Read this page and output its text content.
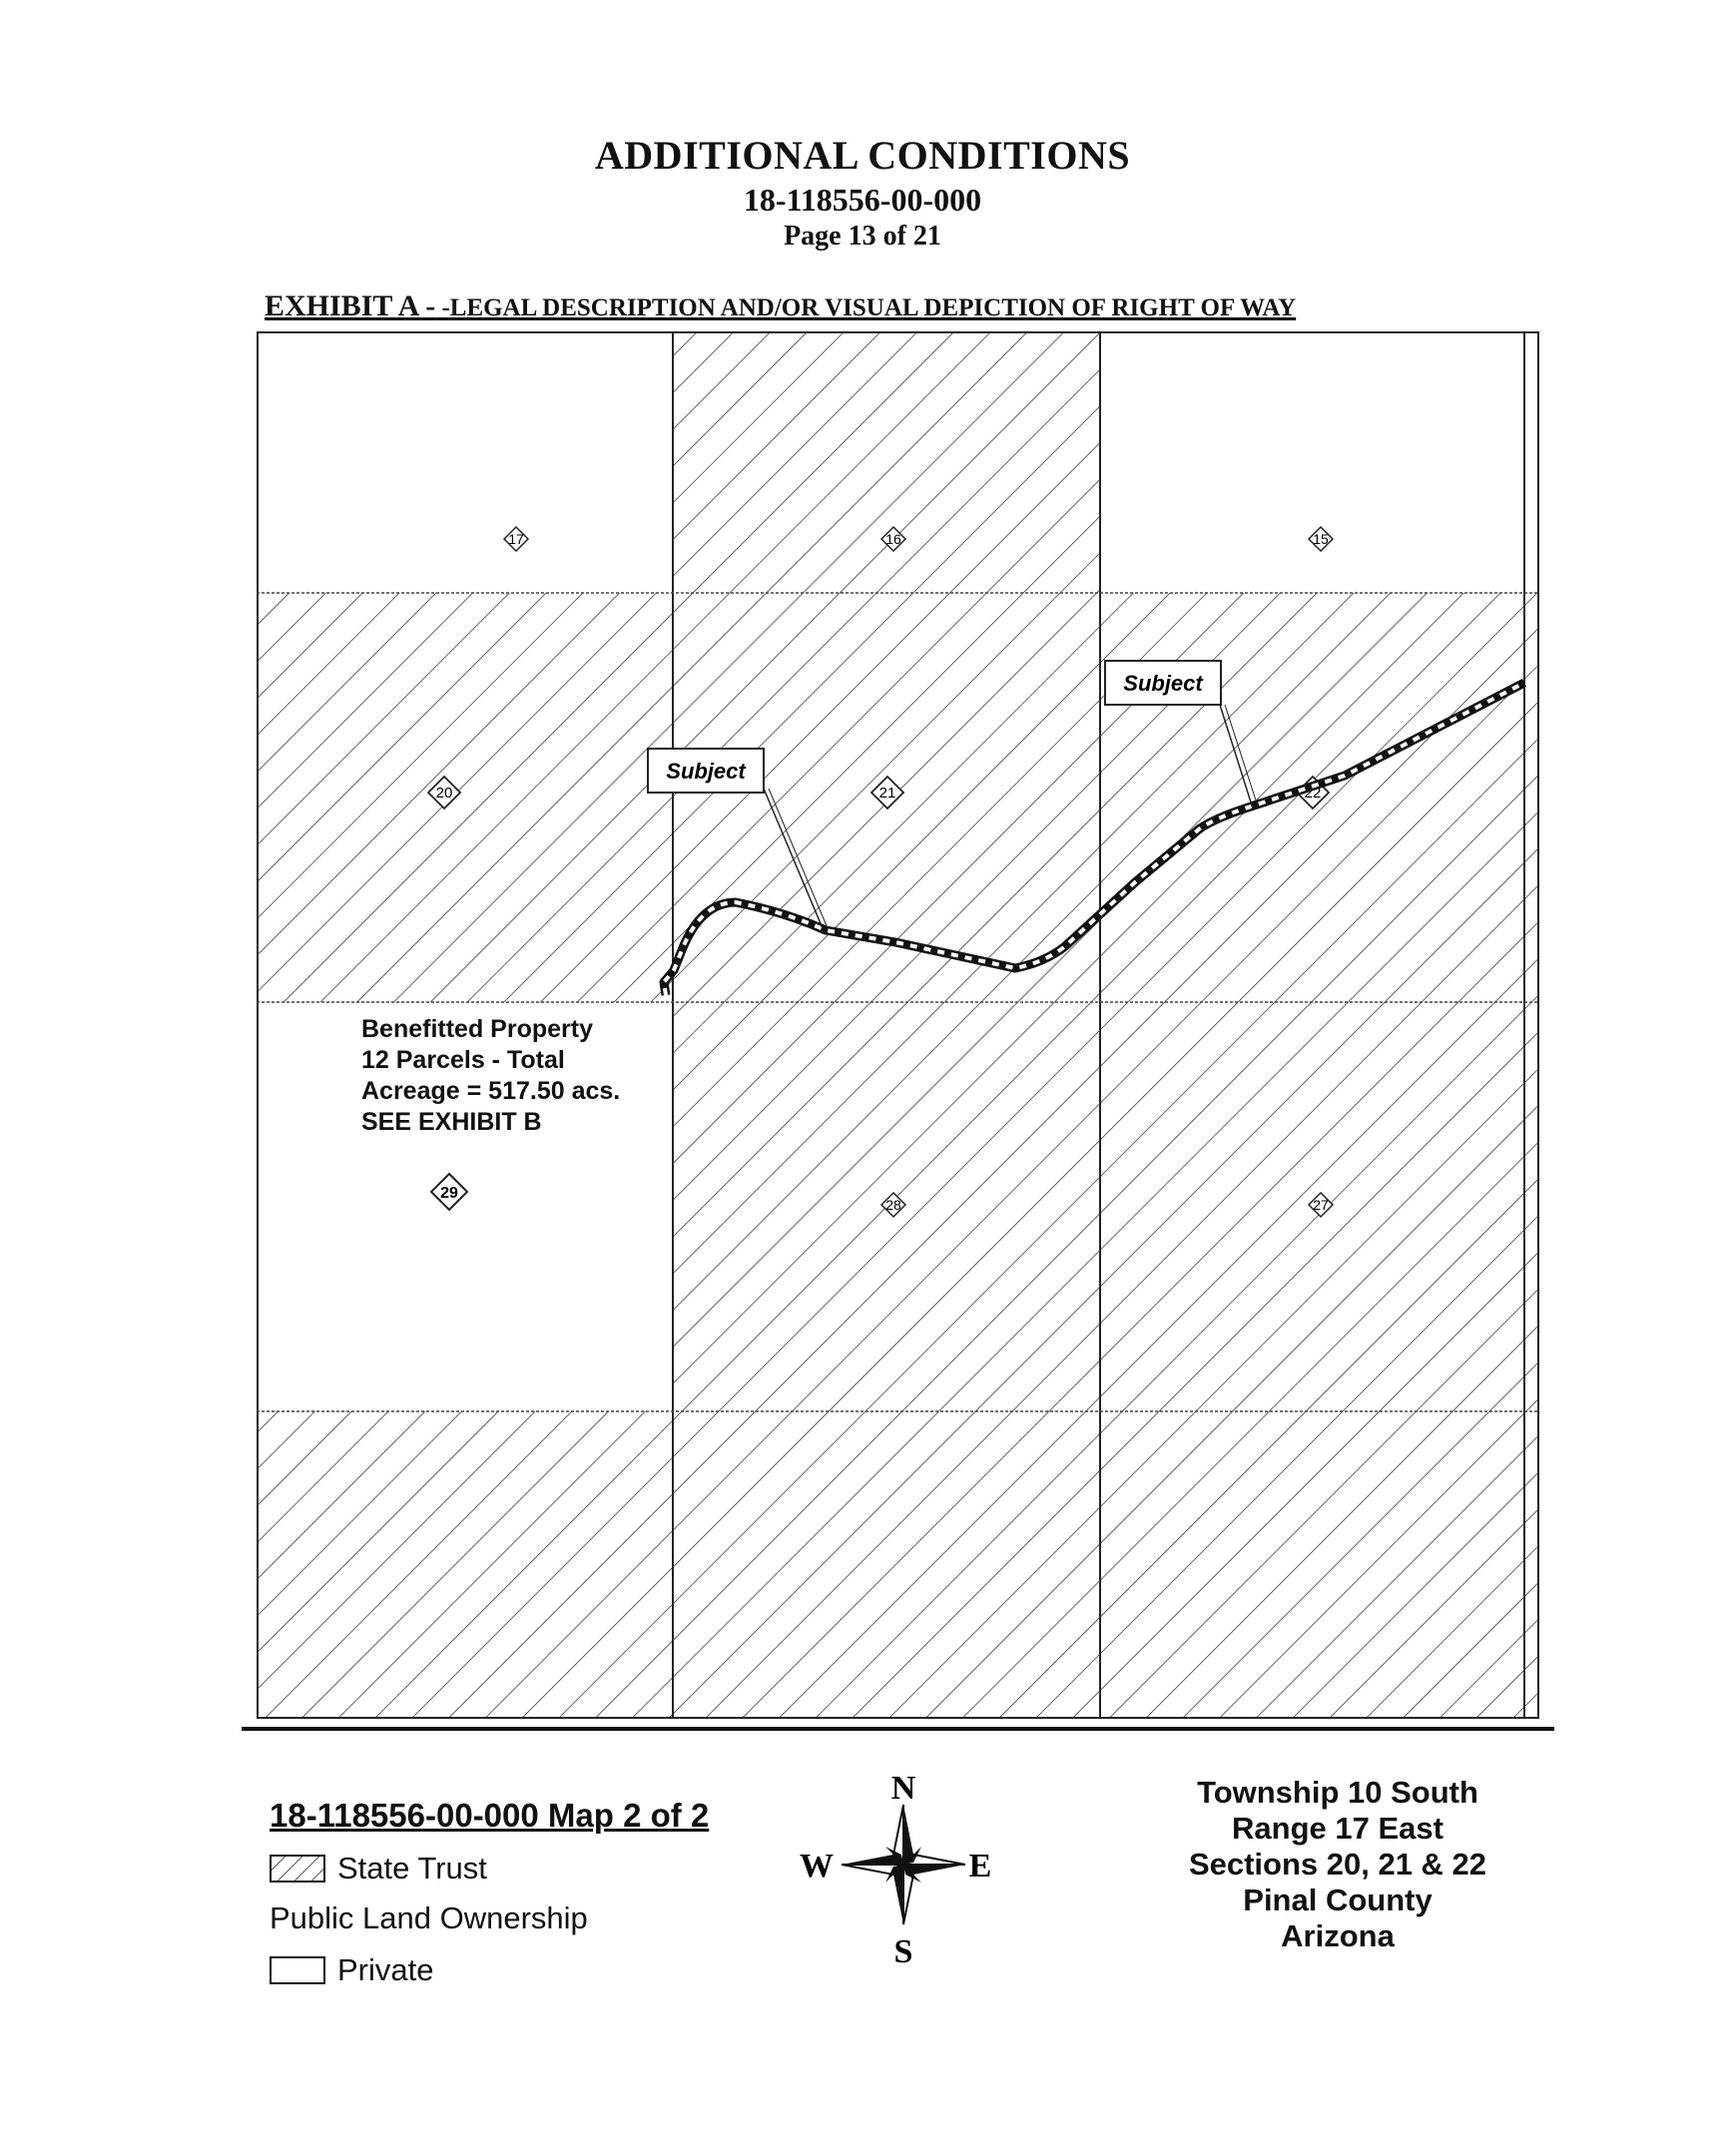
ADDITIONAL CONDITIONS
18-118556-00-000
Page 13 of 21
EXHIBIT A - -LEGAL DESCRIPTION AND/OR VISUAL DEPICTION OF RIGHT OF WAY
17	16	15
20	21	22
29
28	27
Subject
Subject
Benefitted Property
12 Parcels - Total
Acreage = 517.50 acs.
SEE EXHIBIT B
18-118556-00-000 Map 2 of 2
State Trust
Public Land Ownership
Private
N
S
W	E
Township 10 South
Range 17 East
Sections 20, 21 & 22
Pinal County
Arizona
